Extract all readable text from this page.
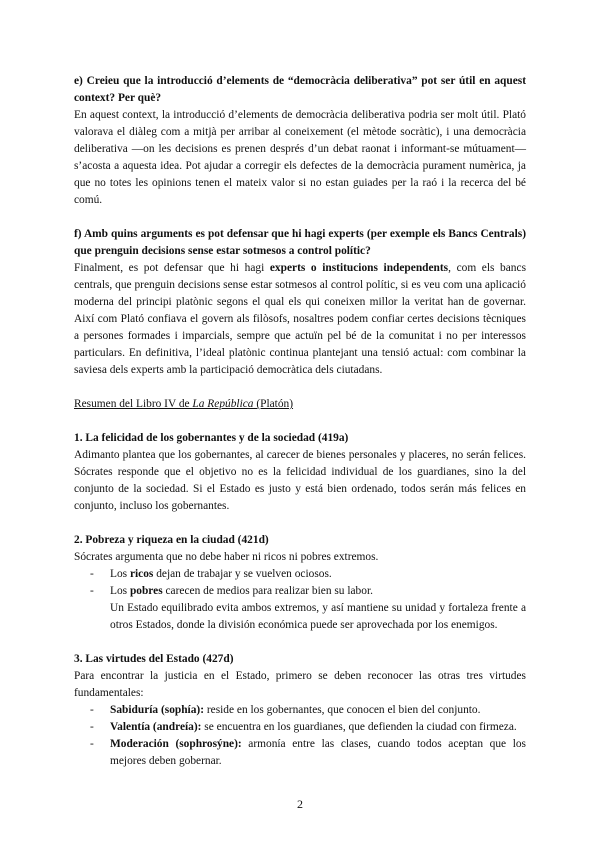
e) Creieu que la introducció d’elements de “democràcia deliberativa” pot ser útil en aquest context? Per què?

En aquest context, la introducció d’elements de democràcia deliberativa podria ser molt útil. Plató valorava el diàleg com a mitjà per arribar al coneixement (el mètode socràtic), i una democràcia deliberativa —on les decisions es prenen després d’un debat raonat i informant-se mútuament— s’acosta a aquesta idea. Pot ajudar a corregir els defectes de la democràcia purament numèrica, ja que no totes les opinions tenen el mateix valor si no estan guiades per la raó i la recerca del bé comú.

f) Amb quins arguments es pot defensar que hi hagi experts (per exemple els Bancs Centrals) que prenguin decisions sense estar sotmesos a control polític?

Finalment, es pot defensar que hi hagi experts o institucions independents, com els bancs centrals, que prenguin decisions sense estar sotmesos al control polític, si es veu com una aplicació moderna del principi platònic segons el qual els qui coneixen millor la veritat han de governar. Així com Plató confiava el govern als filòsofs, nosaltres podem confiar certes decisions tècniques a persones formades i imparcials, sempre que actuïn pel bé de la comunitat i no per interessos particulars. En definitiva, l’ideal platònic continua plantejant una tensió actual: com combinar la saviesa dels experts amb la participació democràtica dels ciutadans.

Resumen del Libro IV de La República (Platón)

1. La felicidad de los gobernantes y de la sociedad (419a)

Adimanto plantea que los gobernantes, al carecer de bienes personales y placeres, no serán felices. Sócrates responde que el objetivo no es la felicidad individual de los guardianes, sino la del conjunto de la sociedad. Si el Estado es justo y está bien ordenado, todos serán más felices en conjunto, incluso los gobernantes.

2. Pobreza y riqueza en la ciudad (421d)

Sócrates argumenta que no debe haber ni ricos ni pobres extremos.

- Los ricos dejan de trabajar y se vuelven ociosos.
- Los pobres carecen de medios para realizar bien su labor.

Un Estado equilibrado evita ambos extremos, y así mantiene su unidad y fortaleza frente a otros Estados, donde la división económica puede ser aprovechada por los enemigos.

3. Las virtudes del Estado (427d)

Para encontrar la justicia en el Estado, primero se deben reconocer las otras tres virtudes fundamentales:

- Sabiduría (sophía): reside en los gobernantes, que conocen el bien del conjunto.
- Valentía (andreía): se encuentra en los guardianes, que defienden la ciudad con firmeza.
- Moderación (sophrosýne): armonía entre las clases, cuando todos aceptan que los mejores deben gobernar.
2
